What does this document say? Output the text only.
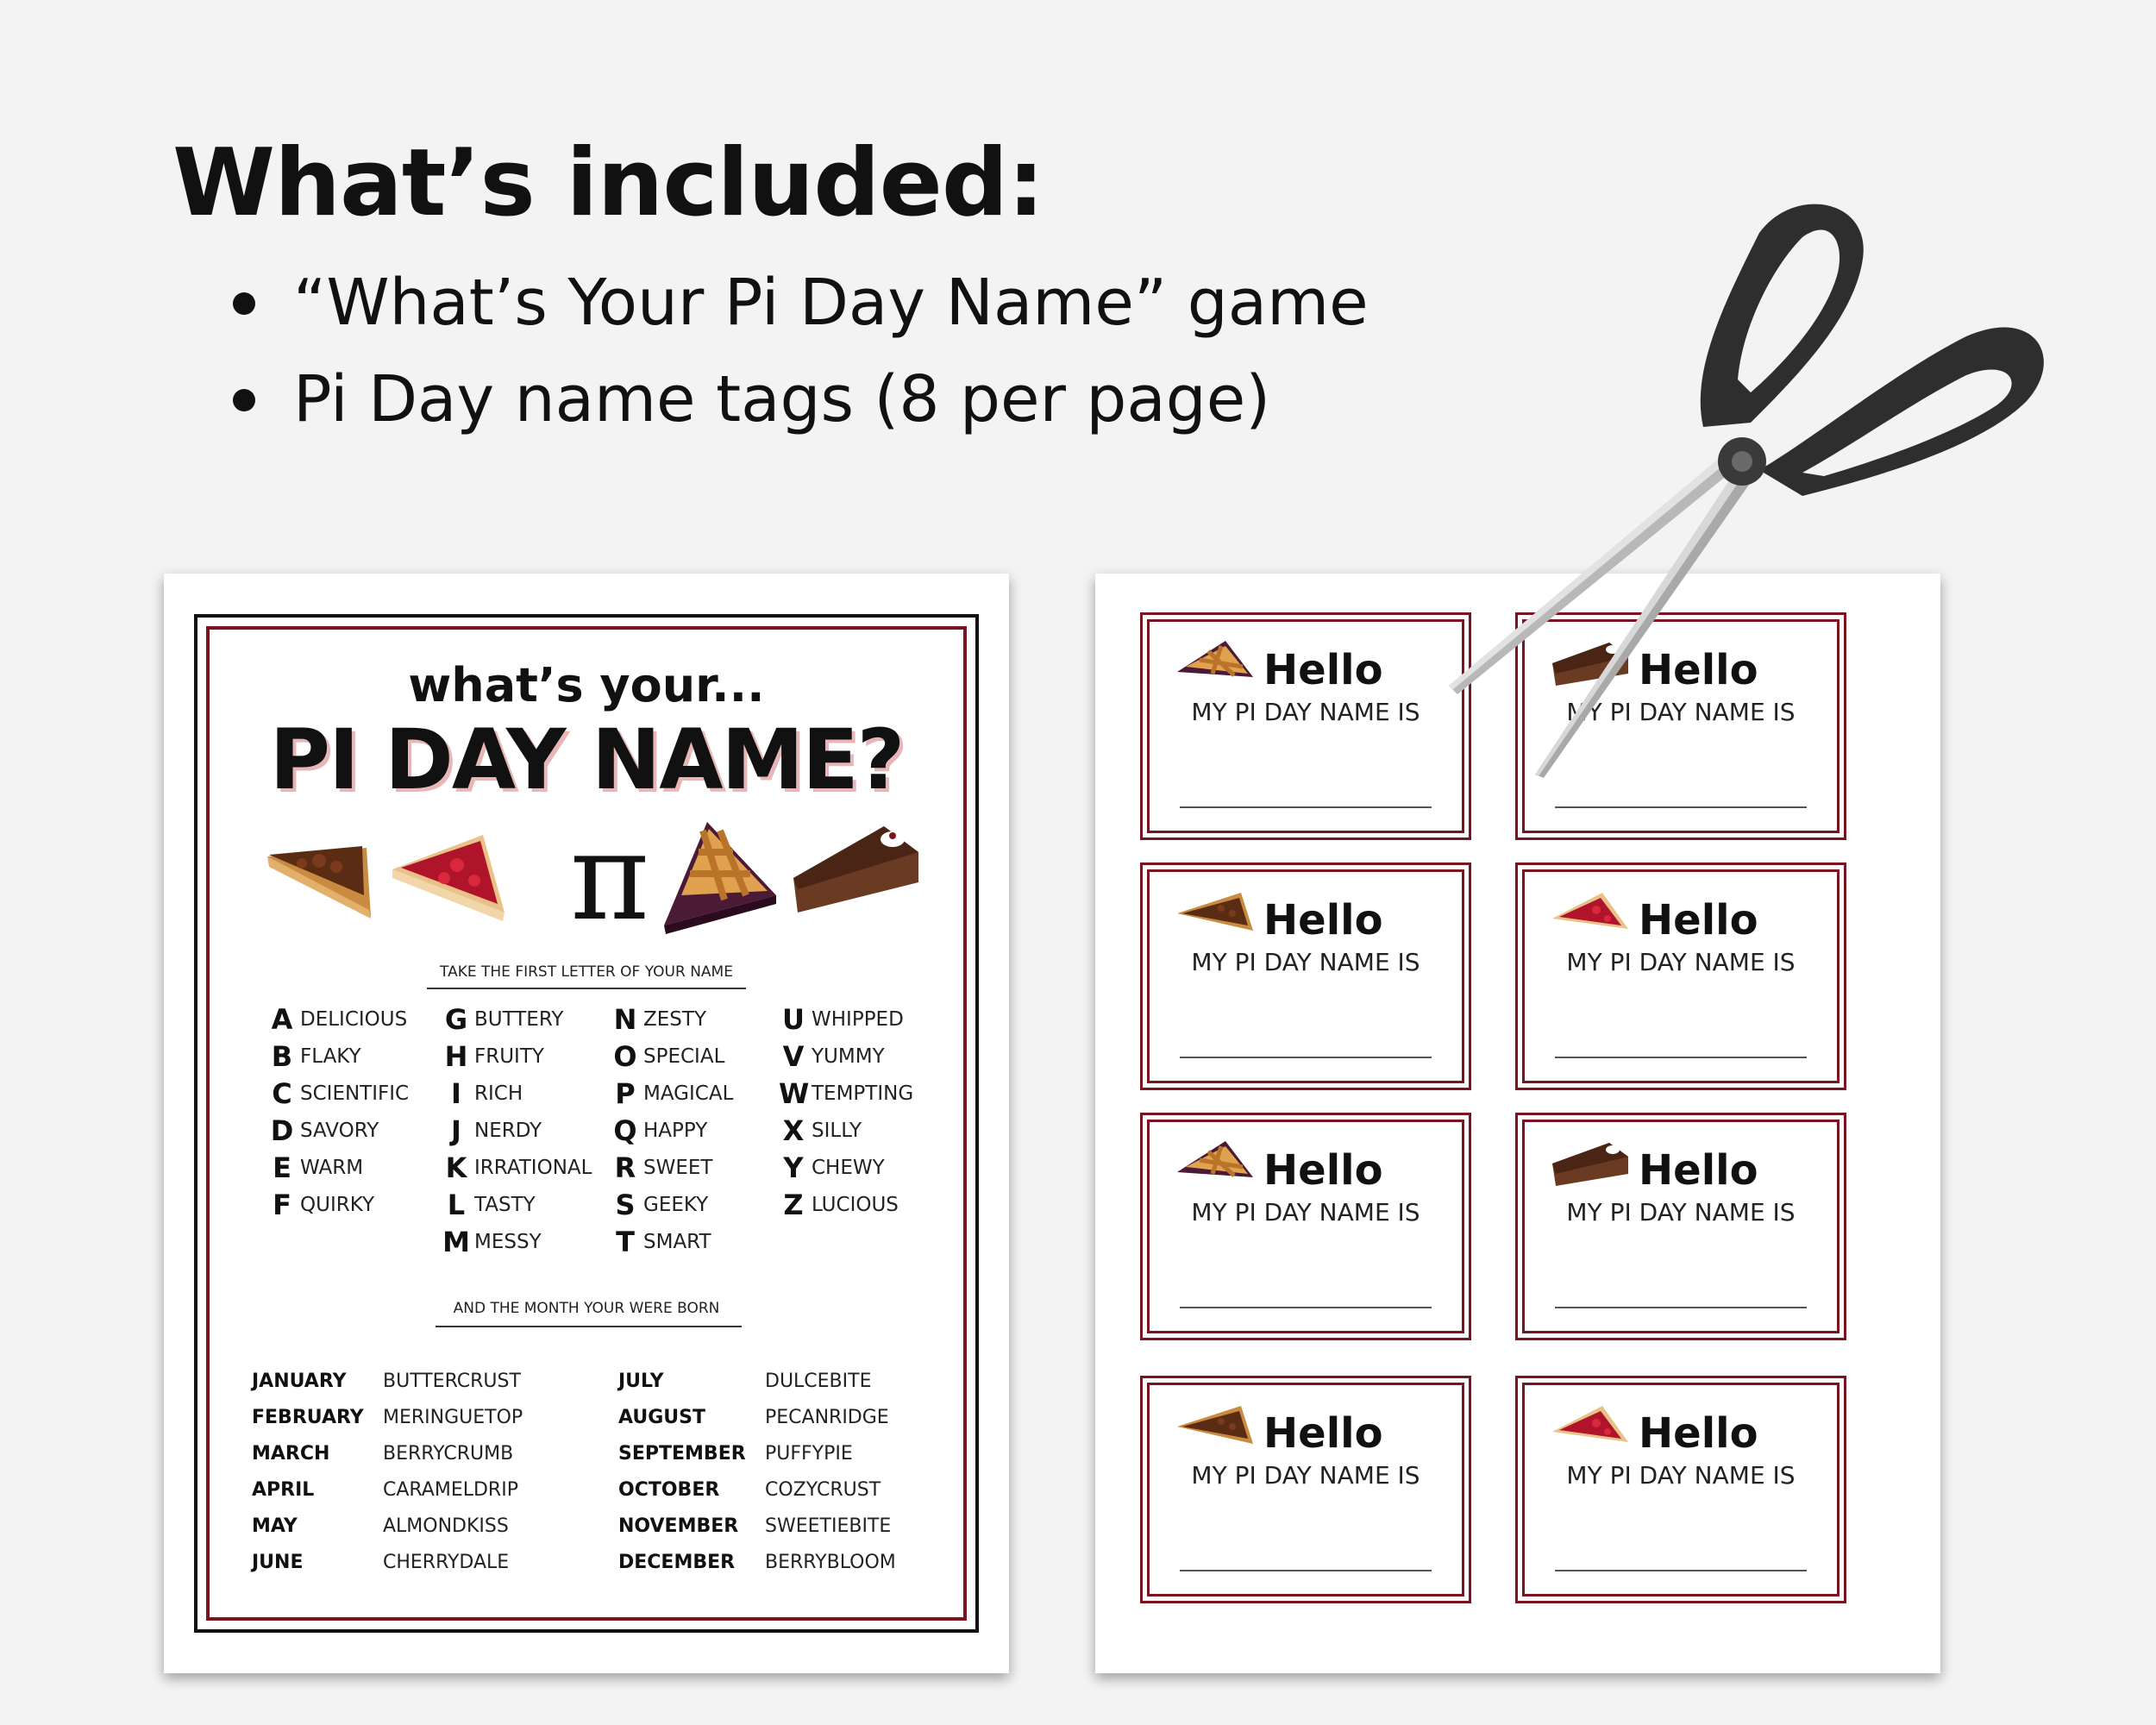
What’s included:
“What’s Your Pi Day Name” game
Pi Day name tags (8 per page)

what’s your...

PI DAY NAME?

π
TAKE THE FIRST LETTER OF YOUR NAME
A DELICIOUS
B FLAKY
C SCIENTIFIC
D SAVORY
E WARM
F QUIRKY
G BUTTERY
H FRUITY
I RICH
J NERDY
K IRRATIONAL
L TASTY
M MESSY
N ZESTY
O SPECIAL
P MAGICAL
Q HAPPY
R SWEET
S GEEKY
T SMART
U WHIPPED
V YUMMY
W TEMPTING
X SILLY
Y CHEWY
Z LUCIOUS
AND THE MONTH YOUR WERE BORN
JANUARY	BUTTERCRUST
FEBRUARY	MERINGUETOP
MARCH	BERRYCRUMB
APRIL	CARAMELDRIP
MAY	ALMONDKISS
JUNE	CHERRYDALE
JULY	DULCEBITE
AUGUST	PECANRIDGE
SEPTEMBER	PUFFYPIE
OCTOBER	COZYCRUST
NOVEMBER	SWEETIEBITE
DECEMBER	BERRYBLOOM
Hello
MY PI DAY NAME IS
Hello
MY PI DAY NAME IS
Hello
MY PI DAY NAME IS
Hello
MY PI DAY NAME IS
Hello
MY PI DAY NAME IS
Hello
MY PI DAY NAME IS
Hello
MY PI DAY NAME IS
Hello
MY PI DAY NAME IS
